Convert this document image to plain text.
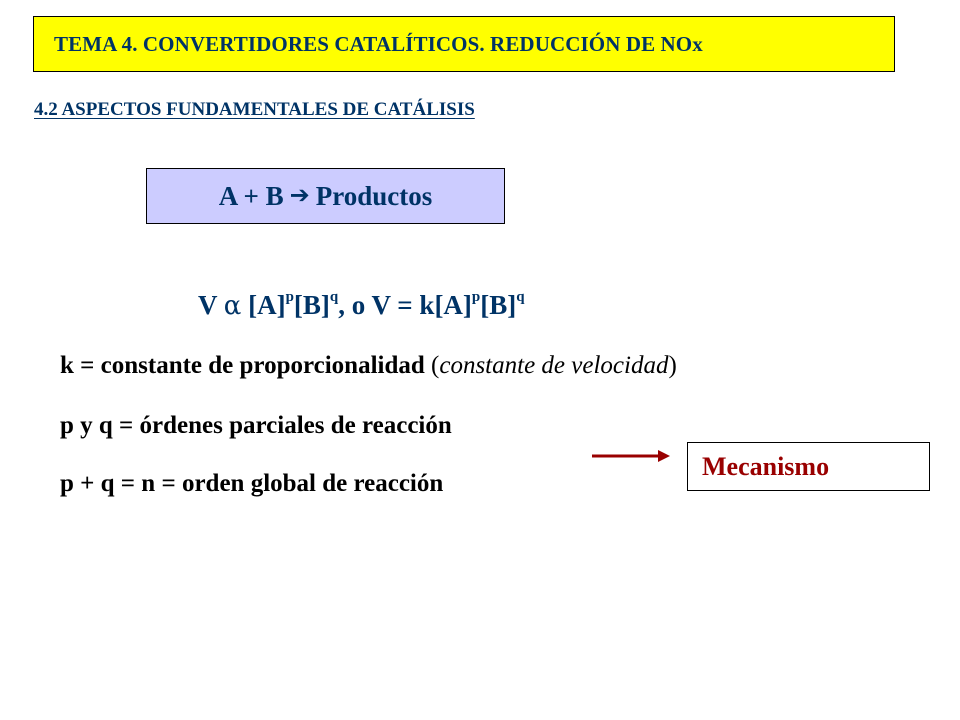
TEMA 4. CONVERTIDORES CATALÍTICOS. REDUCCIÓN DE NOx
4.2 ASPECTOS FUNDAMENTALES DE CATÁLISIS
A + B ➔ Productos
V α $[A]^p[B]^q$, o $V = k[A]^p[B]^q$
k = constante de proporcionalidad (constante de velocidad)
p y q = órdenes parciales de reacción
p + q = n = orden global de reacción
Mecanismo
